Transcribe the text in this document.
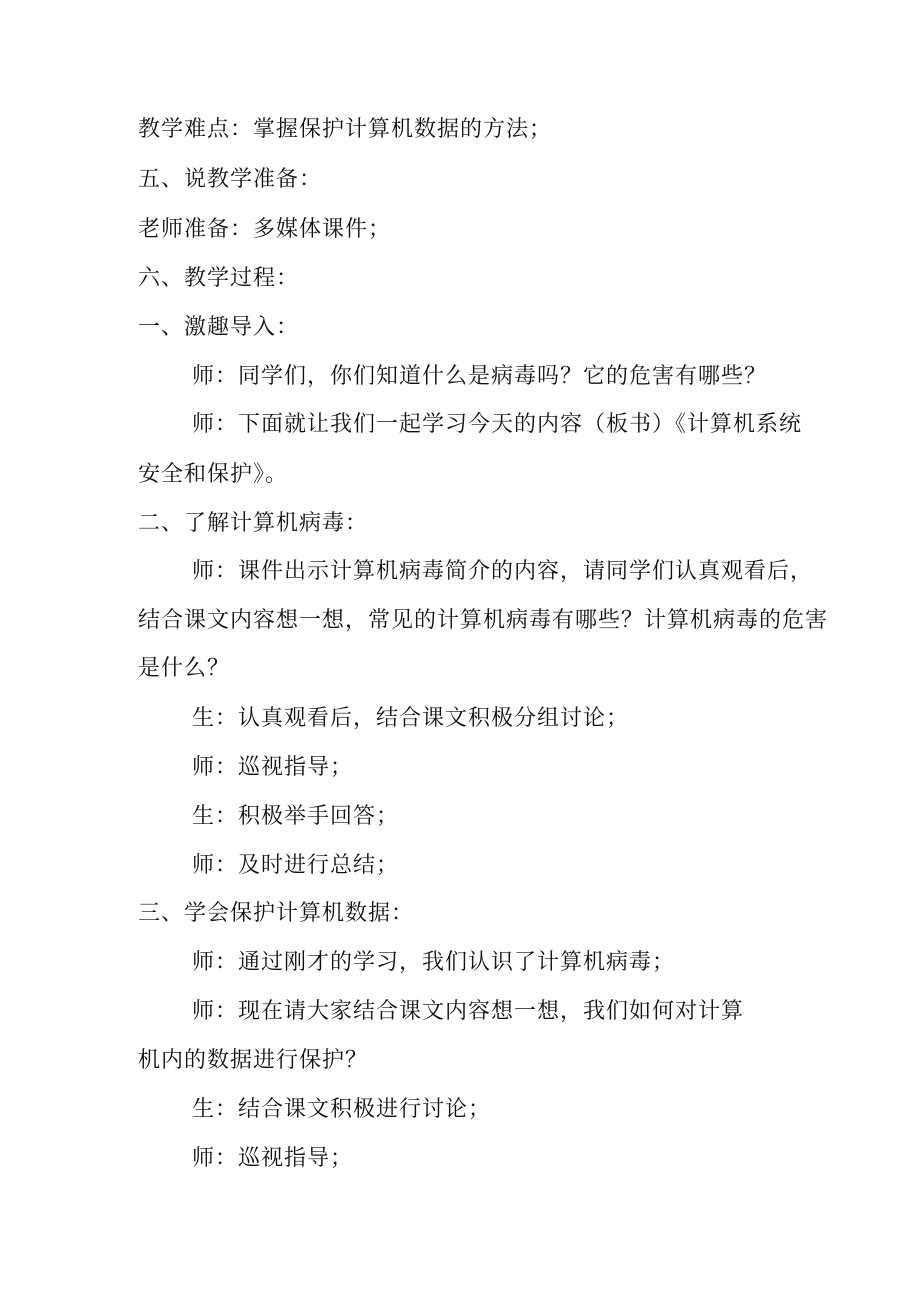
教学难点：掌握保护计算机数据的方法；
五、说教学准备：
老师准备：多媒体课件；
六、教学过程：
一、激趣导入：
师：同学们，你们知道什么是病毒吗？它的危害有哪些？
师：下面就让我们一起学习今天的内容（板书）《计算机系统
安全和保护》。
二、了解计算机病毒：
师：课件出示计算机病毒简介的内容，请同学们认真观看后，
结合课文内容想一想，常见的计算机病毒有哪些？计算机病毒的危害
是什么？
生：认真观看后，结合课文积极分组讨论；
师：巡视指导；
生：积极举手回答；
师：及时进行总结；
三、学会保护计算机数据：
师：通过刚才的学习，我们认识了计算机病毒；
师：现在请大家结合课文内容想一想，我们如何对计算
机内的数据进行保护？
生：结合课文积极进行讨论；
师：巡视指导；
